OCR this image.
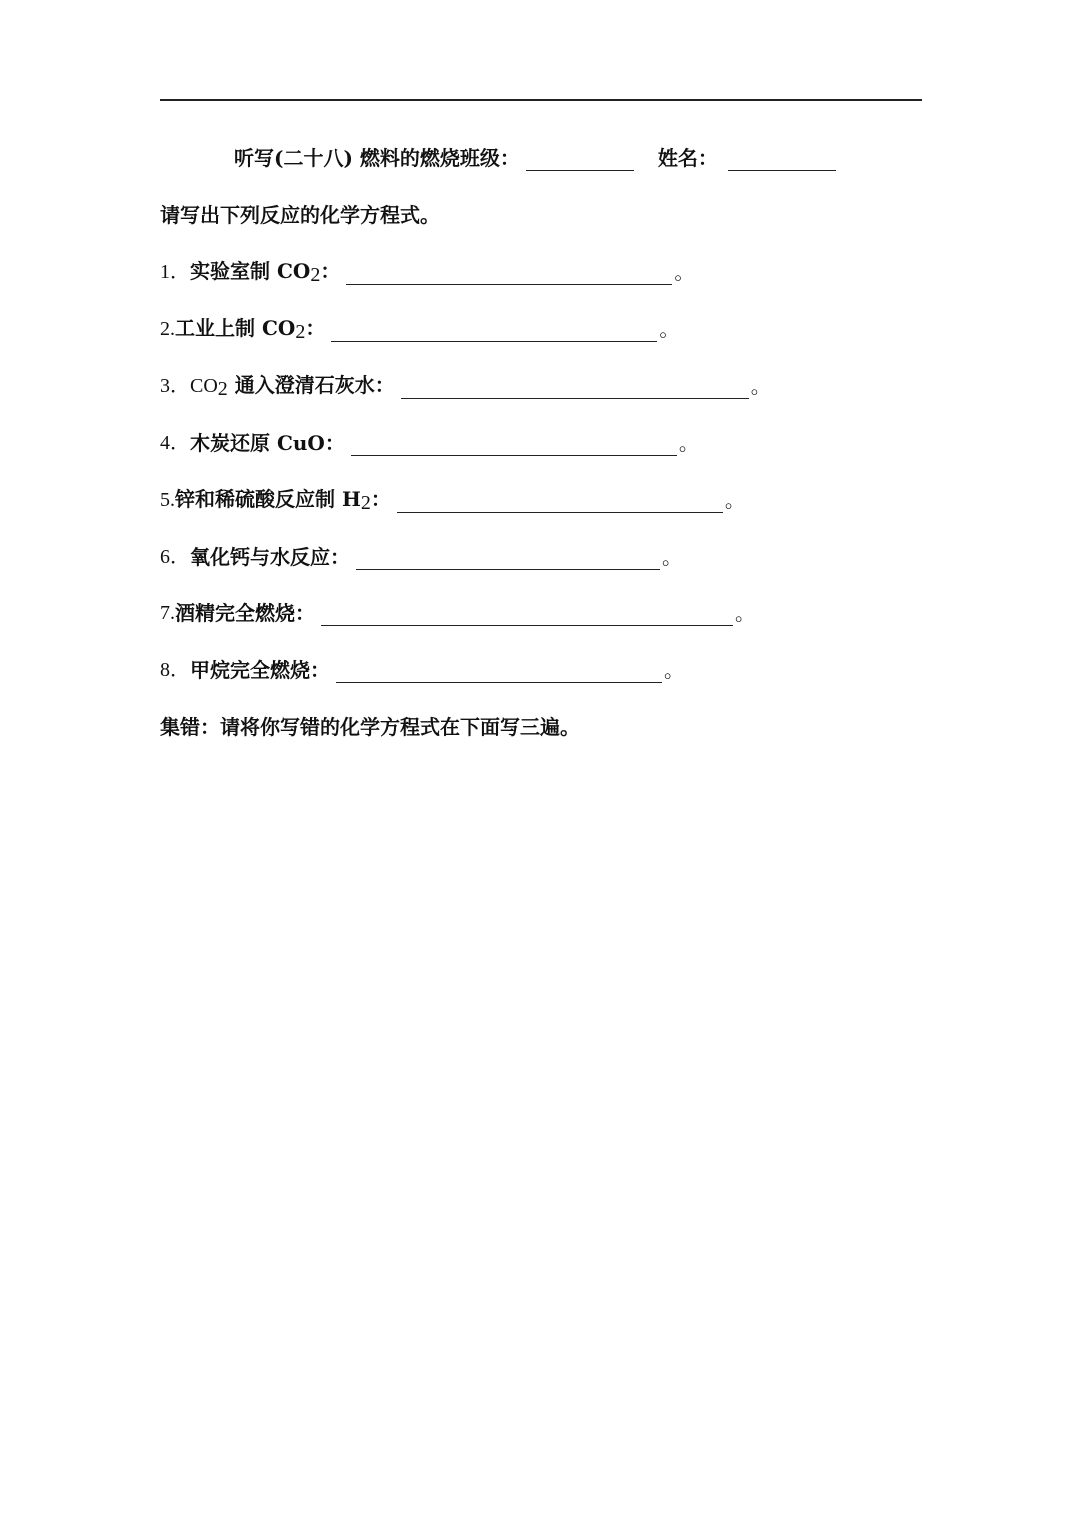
听写(二十八) 燃料的燃烧 班级：	姓名：
请写出下列反应的化学方程式。
1． 实验室制 CO2：	。
2. 工业上制 CO2：	。
3． CO2 通入澄清石灰水：	。
4． 木炭还原 CuO：	。
5. 锌和稀硫酸反应制 H2：	。
6． 氧化钙与水反应：	。
7. 酒精完全燃烧：	。
8． 甲烷完全燃烧：	。
集错：请将你写错的化学方程式在下面写三遍。
